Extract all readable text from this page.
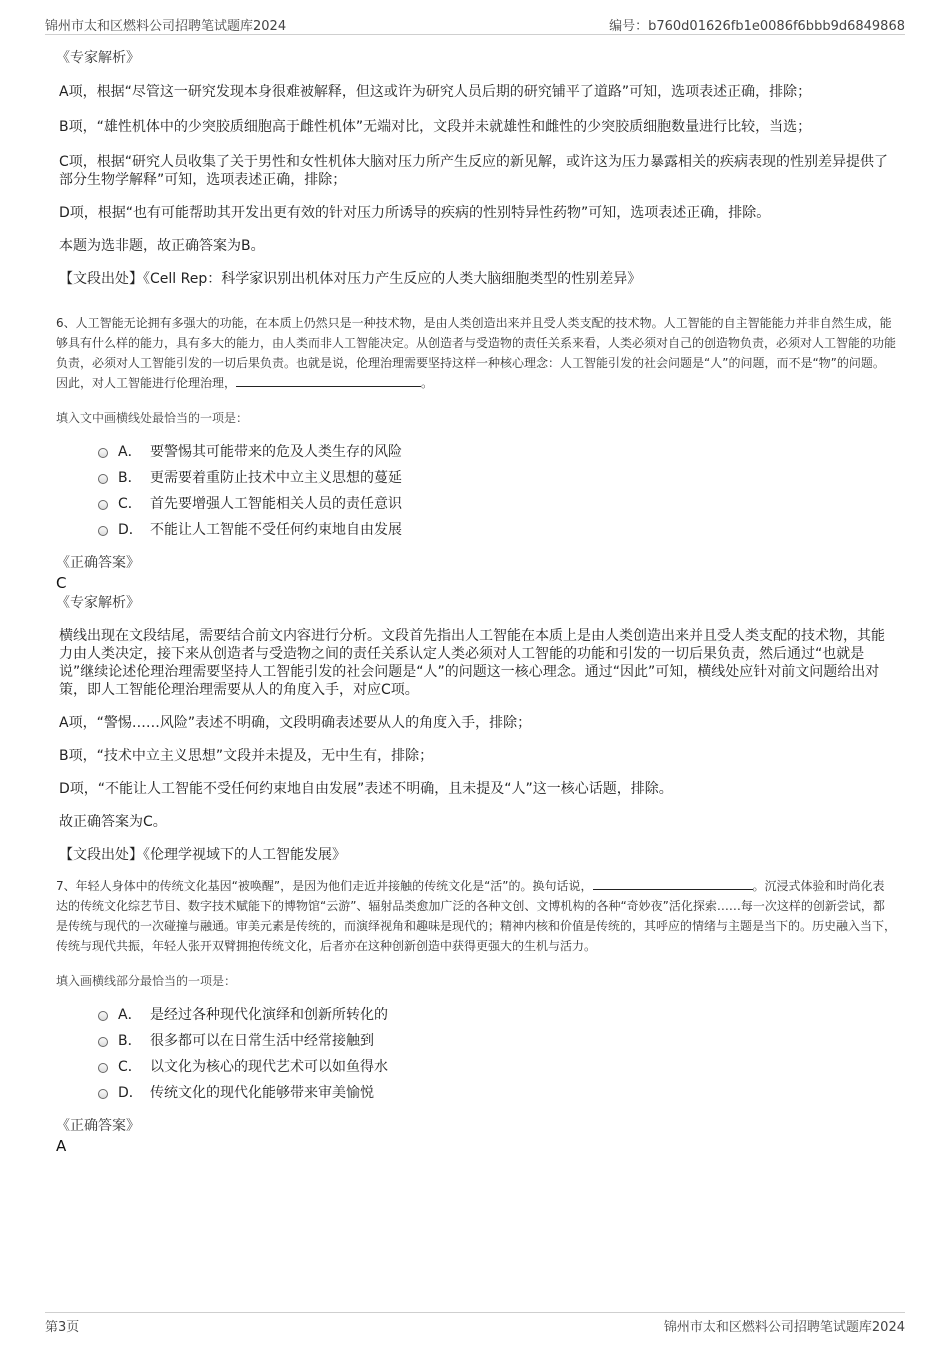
锦州市太和区燃料公司招聘笔试题库2024	编号：b760d01626fb1e0086f6bbb9d6849868
《专家解析》
A项，根据“尽管这一研究发现本身很难被解释，但这或许为研究人员后期的研究铺平了道路”可知，选项表述正确，排除；
B项，“雄性机体中的少突胶质细胞高于雌性机体”无端对比，文段并未就雄性和雌性的少突胶质细胞数量进行比较，当选；
C项，根据“研究人员收集了关于男性和女性机体大脑对压力所产生反应的新见解，或许这为压力暴露相关的疾病表现的性别差异提供了部分生物学解释”可知，选项表述正确，排除；
D项，根据“也有可能帮助其开发出更有效的针对压力所诱导的疾病的性别特异性药物”可知，选项表述正确，排除。
本题为选非题，故正确答案为B。
【文段出处】《Cell Rep：科学家识别出机体对压力产生反应的人类大脑细胞类型的性别差异》
6、人工智能无论拥有多强大的功能，在本质上仍然只是一种技术物，是由人类创造出来并且受人类支配的技术物。人工智能的自主智能能力并非自然生成，能够具有什么样的能力，具有多大的能力，由人类而非人工智能决定。从创造者与受造物的责任关系来看，人类必须对自己的创造物负责，必须对人工智能的功能负责，必须对人工智能引发的一切后果负责。也就是说，伦理治理需要坚持这样一种核心理念：人工智能引发的社会问题是“人”的问题，而不是“物”的问题。因此，对人工智能进行伦理治理，	。
填入文中画横线处最恰当的一项是：
A． 要警惕其可能带来的危及人类生存的风险
B． 更需要着重防止技术中立主义思想的蔓延
C． 首先要增强人工智能相关人员的责任意识
D． 不能让人工智能不受任何约束地自由发展
《正确答案》
C
《专家解析》
横线出现在文段结尾，需要结合前文内容进行分析。文段首先指出人工智能在本质上是由人类创造出来并且受人类支配的技术物，其能力由人类决定，接下来从创造者与受造物之间的责任关系认定人类必须对人工智能的功能和引发的一切后果负责，然后通过“也就是说”继续论述伦理治理需要坚持人工智能引发的社会问题是“人”的问题这一核心理念。通过“因此”可知，横线处应针对前文问题给出对策，即人工智能伦理治理需要从人的角度入手，对应C项。
A项，“警惕……风险”表述不明确，文段明确表述要从人的角度入手，排除；
B项，“技术中立主义思想”文段并未提及，无中生有，排除；
D项，“不能让人工智能不受任何约束地自由发展”表述不明确，且未提及“人”这一核心话题，排除。
故正确答案为C。
【文段出处】《伦理学视域下的人工智能发展》
7、年轻人身体中的传统文化基因“被唤醒”，是因为他们走近并接触的传统文化是“活”的。换句话说，	。沉浸式体验和时尚化表达的传统文化综艺节目、数字技术赋能下的博物馆“云游”、辐射品类愈加广泛的各种文创、文博机构的各种“奇妙夜”活化探索……每一次这样的创新尝试，都是传统与现代的一次碰撞与融通。审美元素是传统的，而演绎视角和趣味是现代的；精神内核和价值是传统的，其呼应的情绪与主题是当下的。历史融入当下，传统与现代共振，年轻人张开双臂拥抱传统文化，后者亦在这种创新创造中获得更强大的生机与活力。
填入画横线部分最恰当的一项是：
A． 是经过各种现代化演绎和创新所转化的
B． 很多都可以在日常生活中经常接触到
C． 以文化为核心的现代艺术可以如鱼得水
D． 传统文化的现代化能够带来审美愉悦
《正确答案》
A
第3页	锦州市太和区燃料公司招聘笔试题库2024
